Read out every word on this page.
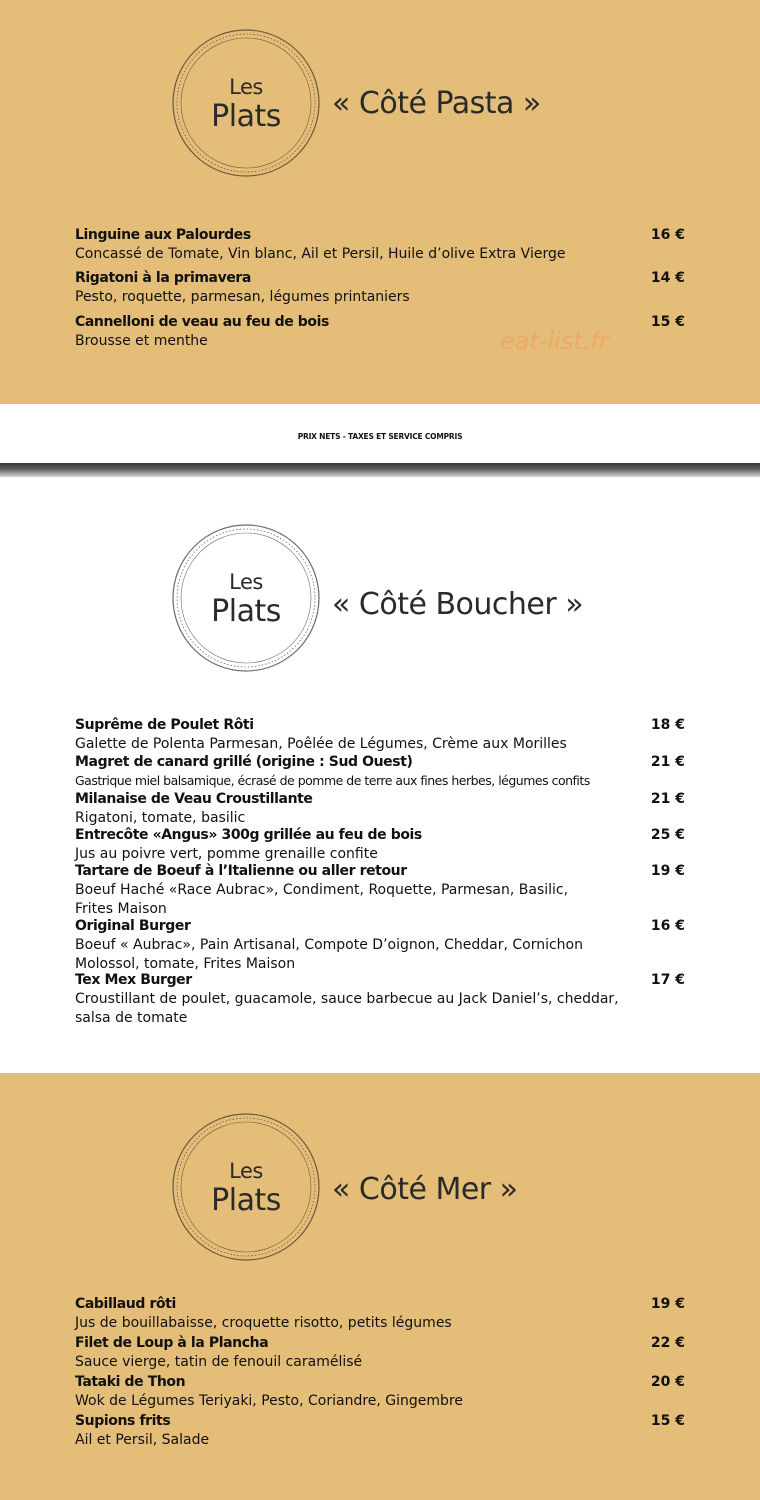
Les
Plats	« Côté Pasta »
Linguine aux Palourdes	16 €
Concassé de Tomate, Vin blanc, Ail et Persil, Huile d’olive Extra Vierge
Rigatoni à la primavera	14 €
Pesto, roquette, parmesan, légumes printaniers
Cannelloni de veau au feu de bois	15 €
Brousse et menthe	eat-list.fr
PRIX NETS - TAXES ET SERVICE COMPRIS
Les
Plats	« Côté Boucher »
Suprême de Poulet Rôti	18 €
Galette de Polenta Parmesan, Poêlée de Légumes, Crème aux Morilles
Magret de canard grillé (origine : Sud Ouest)	21 €
Gastrique miel balsamique, écrasé de pomme de terre aux fines herbes, légumes confits
Milanaise de Veau Croustillante	21 €
Rigatoni, tomate, basilic
Entrecôte «Angus» 300g grillée au feu de bois	25 €
Jus au poivre vert, pomme grenaille confite
Tartare de Boeuf à l’Italienne ou aller retour	19 €
Boeuf Haché «Race Aubrac», Condiment, Roquette, Parmesan, Basilic,
Frites Maison
Original Burger	16 €
Boeuf « Aubrac», Pain Artisanal, Compote D’oignon, Cheddar, Cornichon
Molossol, tomate, Frites Maison
Tex Mex Burger	17 €
Croustillant de poulet, guacamole, sauce barbecue au Jack Daniel’s, cheddar,
salsa de tomate
Les
Plats	« Côté Mer »
Cabillaud rôti	19 €
Jus de bouillabaisse, croquette risotto, petits légumes
Filet de Loup à la Plancha	22 €
Sauce vierge, tatin de fenouil caramélisé
Tataki de Thon	20 €
Wok de Légumes Teriyaki, Pesto, Coriandre, Gingembre
Supions frits	15 €
Ail et Persil, Salade
